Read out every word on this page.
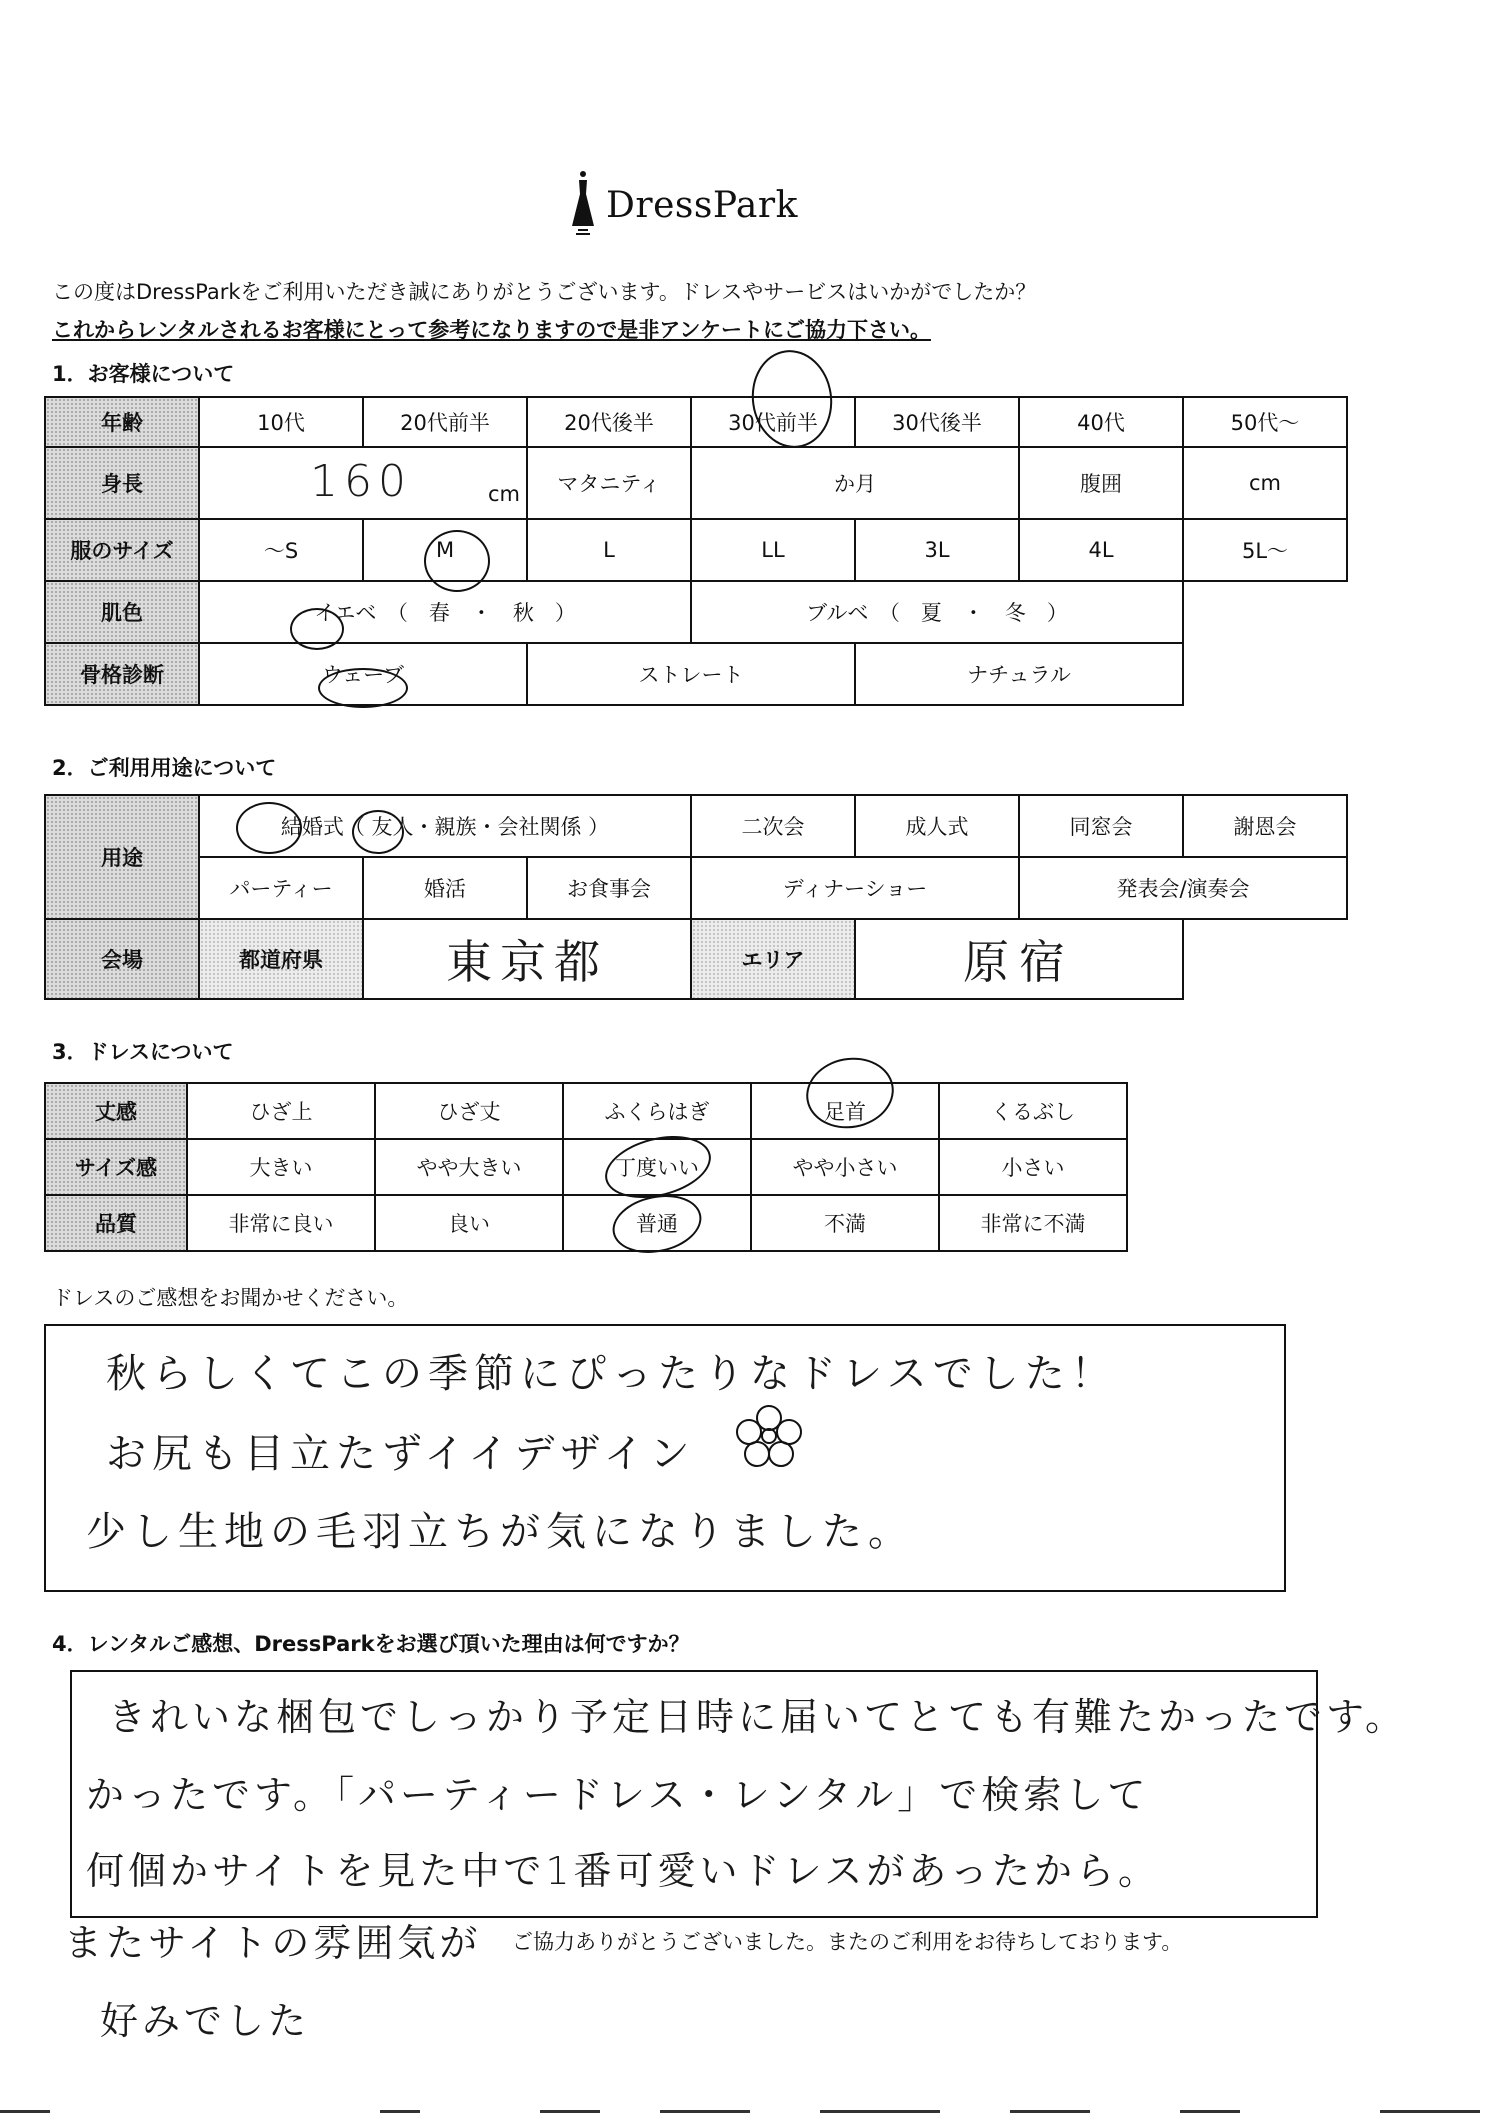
DressPark
この度はDressParkをご利用いただき誠にありがとうございます。ドレスやサービスはいかがでしたか？
これからレンタルされるお客様にとって参考になりますので是非アンケートにご協力下さい。
1．お客様について
年齢	10代	20代前半	20代後半	30代前半	30代後半	40代	50代〜
身長	160 cm		マタニティ	か月		腹囲	cm
服のサイズ	〜S	M	L	LL	3L	4L	5L〜
肌色	イエベ　（　春　・　秋　）			ブルベ　（　夏　・　冬　）			
骨格診断	ウェーブ		ストレート		ナチュラル		
2．ご利用用途について
用途	結婚式（ 友人・親族・会社関係 ）			二次会	成人式	同窓会	謝恩会
	パーティー	婚活	お食事会	ディナーショー		発表会/演奏会	
会場	都道府県	東京都		エリア	原宿		
3．ドレスについて
丈感	ひざ上	ひざ丈	ふくらはぎ	足首	くるぶし
サイズ感	大きい	やや大きい	丁度いい	やや小さい	小さい
品質	非常に良い	良い	普通	不満	非常に不満
ドレスのご感想をお聞かせください。
秋らしくてこの季節にぴったりなドレスでした！
お尻も目立たずイイデザイン
少し生地の毛羽立ちが気になりました。
4．レンタルご感想、DressParkをお選び頂いた理由は何ですか？
きれいな梱包でしっかり予定日時に届いてとても有難たかったです。
かったです。「パーティードレス・レンタル」で検索して
何個かサイトを見た中で1番可愛いドレスがあったから。
またサイトの雰囲気が
好みでした
ご協力ありがとうございました。またのご利用をお待ちしております。
